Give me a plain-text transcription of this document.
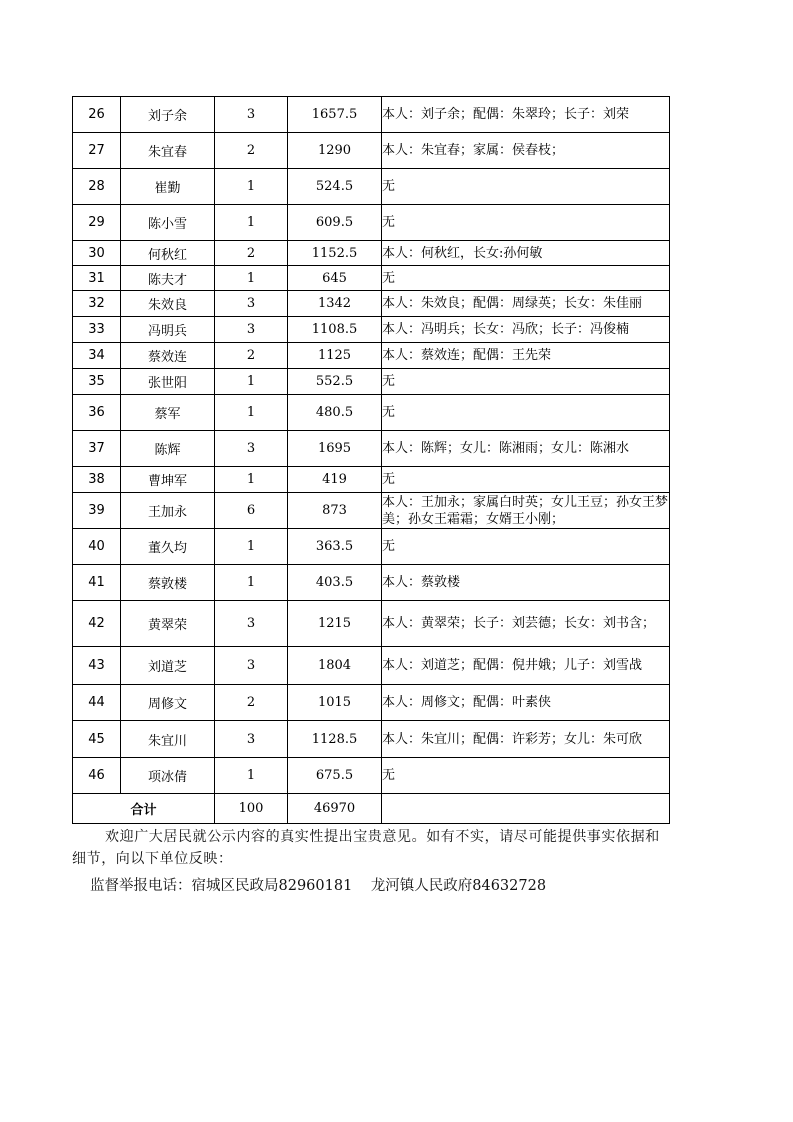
26	刘子余	3	1657.5	本人：刘子余；配偶：朱翠玲；长子：刘荣
27	朱宜春	2	1290	本人：朱宜春；家属：侯春枝；
28	崔勤	1	524.5	无
29	陈小雪	1	609.5	无
30	何秋红	2	1152.5	本人：何秋红，长女:孙何敏
31	陈夫才	1	645	无
32	朱效良	3	1342	本人：朱效良；配偶：周绿英；长女：朱佳丽
33	冯明兵	3	1108.5	本人：冯明兵；长女：冯欣；长子：冯俊楠
34	蔡效连	2	1125	本人：蔡效连；配偶：王先荣
35	张世阳	1	552.5	无
36	蔡军	1	480.5	无
37	陈辉	3	1695	本人：陈辉；女儿：陈湘雨；女儿：陈湘水
38	曹坤军	1	419	无
39	王加永	6	873	本人：王加永；家属白时英；女儿王豆；孙女王梦美；孙女王霜霜；女婿王小刚；
40	董久均	1	363.5	无
41	蔡敦楼	1	403.5	本人：蔡敦楼
42	黄翠荣	3	1215	本人：黄翠荣；长子：刘芸德；长女：刘书含；
43	刘道芝	3	1804	本人：刘道芝；配偶：倪井娥；儿子：刘雪战
44	周修文	2	1015	本人：周修文；配偶：叶素侠
45	朱宜川	3	1128.5	本人：朱宜川；配偶：许彩芳；女儿：朱可欣
46	项冰倩	1	675.5	无
合计		100	46970	
欢迎广大居民就公示内容的真实性提出宝贵意见。如有不实，请尽可能提供事实依据和细节，向以下单位反映：
监督举报电话：宿城区民政局82960181    龙河镇人民政府84632728
